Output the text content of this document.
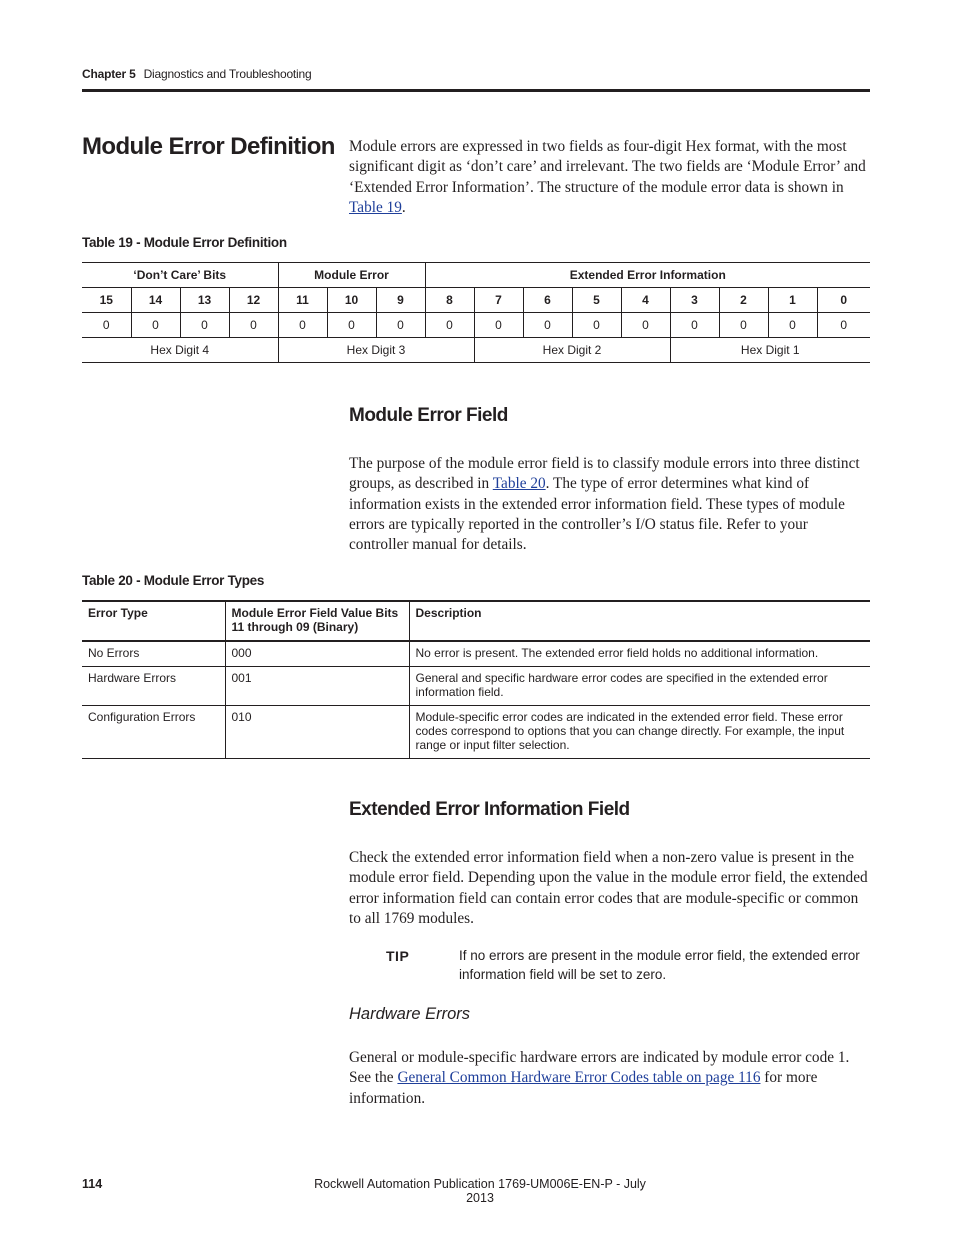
Chapter 5 Diagnostics and Troubleshooting
Module Error Definition Module errors are expressed in two fields as four-digit Hex format, with the most significant digit as ‘don’t care’ and irrelevant. The two fields are ‘Module Error’ and ‘Extended Error Information’. The structure of the module error data is shown in Table 19.
Table 19 - Module Error Definition
‘Don’t Care’ Bits				Module Error			Extended Error Information								
15	14	13	12	11	10	9	8	7	6	5	4	3	2	1	0
0	0	0	0	0	0	0	0	0	0	0	0	0	0	0	0
Hex Digit 4				Hex Digit 3				Hex Digit 2				Hex Digit 1			
Module Error Field
The purpose of the module error field is to classify module errors into three distinct groups, as described in Table 20. The type of error determines what kind of information exists in the extended error information field. These types of module errors are typically reported in the controller’s I/O status file. Refer to your controller manual for details.
Table 20 - Module Error Types
Error Type	Module Error Field Value Bits 11 through 09 (Binary)	Description
No Errors	000	No error is present. The extended error field holds no additional information.
Hardware Errors	001	General and specific hardware error codes are specified in the extended error information field.
Configuration Errors	010	Module-specific error codes are indicated in the extended error field. These error codes correspond to options that you can change directly. For example, the input range or input filter selection.
Extended Error Information Field
Check the extended error information field when a non-zero value is present in the module error field. Depending upon the value in the module error field, the extended error information field can contain error codes that are module-specific or common to all 1769 modules.
TIP	If no errors are present in the module error field, the extended error information field will be set to zero.
Hardware Errors
General or module-specific hardware errors are indicated by module error code 1. See the General Common Hardware Error Codes table on page 116 for more information.
114	Rockwell Automation Publication 1769-UM006E-EN-P - July 2013
